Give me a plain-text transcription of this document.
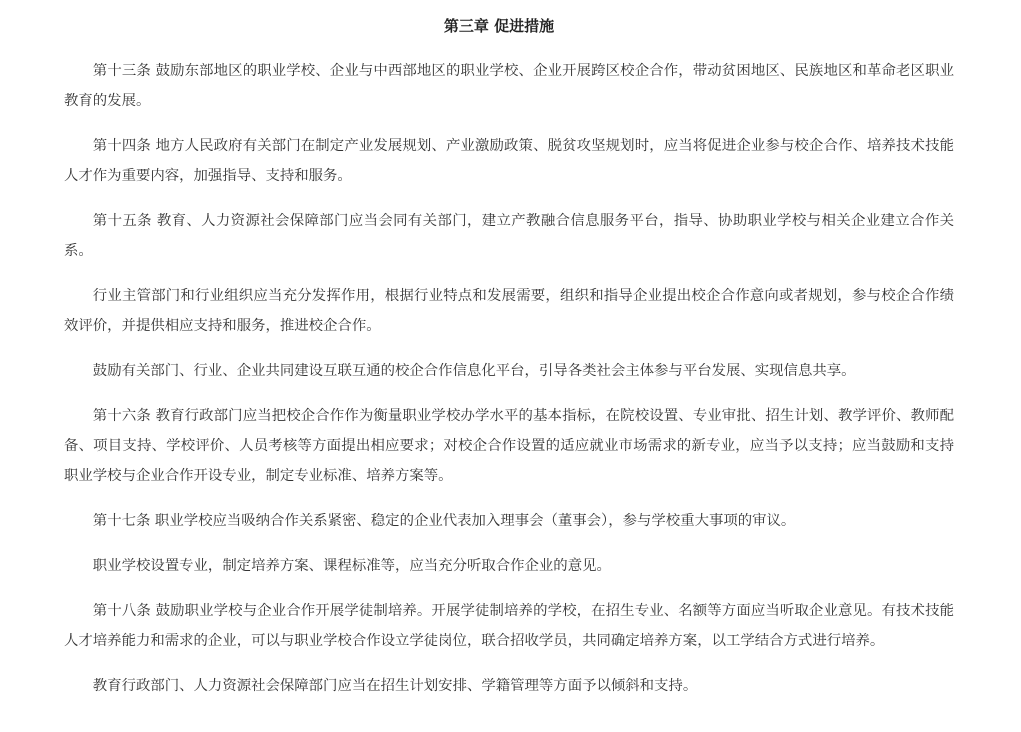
第三章 促进措施

第十三条 鼓励东部地区的职业学校、企业与中西部地区的职业学校、企业开展跨区校企合作，带动贫困地区、民族地区和革命老区职业教育的发展。

第十四条 地方人民政府有关部门在制定产业发展规划、产业激励政策、脱贫攻坚规划时，应当将促进企业参与校企合作、培养技术技能人才作为重要内容，加强指导、支持和服务。

第十五条 教育、人力资源社会保障部门应当会同有关部门，建立产教融合信息服务平台，指导、协助职业学校与相关企业建立合作关系。

行业主管部门和行业组织应当充分发挥作用，根据行业特点和发展需要，组织和指导企业提出校企合作意向或者规划，参与校企合作绩效评价，并提供相应支持和服务，推进校企合作。

鼓励有关部门、行业、企业共同建设互联互通的校企合作信息化平台，引导各类社会主体参与平台发展、实现信息共享。

第十六条 教育行政部门应当把校企合作作为衡量职业学校办学水平的基本指标，在院校设置、专业审批、招生计划、教学评价、教师配备、项目支持、学校评价、人员考核等方面提出相应要求；对校企合作设置的适应就业市场需求的新专业，应当予以支持；应当鼓励和支持职业学校与企业合作开设专业，制定专业标准、培养方案等。

第十七条 职业学校应当吸纳合作关系紧密、稳定的企业代表加入理事会（董事会），参与学校重大事项的审议。

职业学校设置专业，制定培养方案、课程标准等，应当充分听取合作企业的意见。

第十八条 鼓励职业学校与企业合作开展学徒制培养。开展学徒制培养的学校，在招生专业、名额等方面应当听取企业意见。有技术技能人才培养能力和需求的企业，可以与职业学校合作设立学徒岗位，联合招收学员，共同确定培养方案，以工学结合方式进行培养。

教育行政部门、人力资源社会保障部门应当在招生计划安排、学籍管理等方面予以倾斜和支持。
